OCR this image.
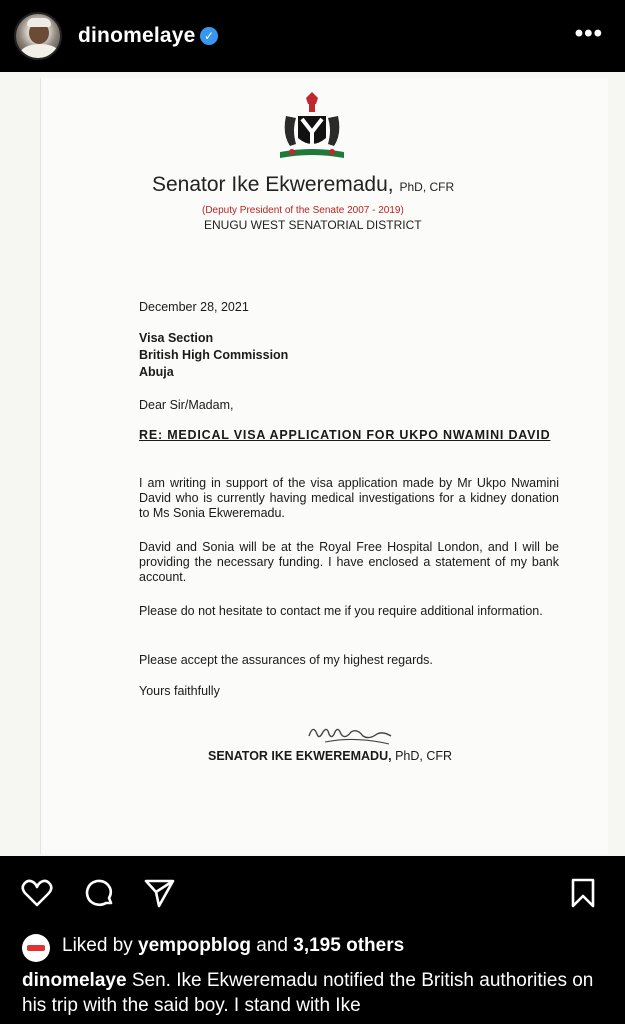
dinomelaye ✓	•••
Senator Ike Ekweremadu, PhD, CFR
(Deputy President of the Senate 2007 - 2019)
ENUGU WEST SENATORIAL DISTRICT
December 28, 2021
Visa Section
British High Commission
Abuja
Dear Sir/Madam,
RE: MEDICAL VISA APPLICATION FOR UKPO NWAMINI DAVID
I am writing in support of the visa application made by Mr Ukpo Nwamini David who is currently having medical investigations for a kidney donation to Ms Sonia Ekweremadu.
David and Sonia will be at the Royal Free Hospital London, and I will be providing the necessary funding. I have enclosed a statement of my bank account.
Please do not hesitate to contact me if you require additional information.
Please accept the assurances of my highest regards.
Yours faithfully
SENATOR IKE EKWEREMADU, PhD, CFR
Liked by yempopblog and 3,195 others
dinomelaye Sen. Ike Ekweremadu notified the British authorities on his trip with the said boy. I stand with Ike
